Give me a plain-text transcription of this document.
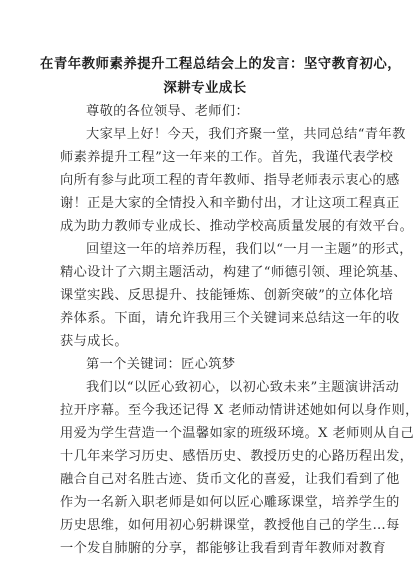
在青年教师素养提升工程总结会上的发言：坚守教育初心，
深耕专业成长
尊敬的各位领导、老师们：
大家早上好！今天，我们齐聚一堂，共同总结“青年教
师素养提升工程”这一年来的工作。首先，我谨代表学校
向所有参与此项工程的青年教师、指导老师表示衷心的感
谢！正是大家的全情投入和辛勤付出，才让这项工程真正
成为助力教师专业成长、推动学校高质量发展的有效平台。
回望这一年的培养历程，我们以“一月一主题”的形式，
精心设计了六期主题活动，构建了“师德引领、理论筑基、
课堂实践、反思提升、技能锤炼、创新突破”的立体化培
养体系。下面，请允许我用三个关键词来总结这一年的收
获与成长。
第一个关键词：匠心筑梦
我们以“以匠心致初心，以初心致未来”主题演讲活动
拉开序幕。至今我还记得 X 老师动情讲述她如何以身作则，
用爱为学生营造一个温馨如家的班级环境。X 老师则从自己
十几年来学习历史、感悟历史、教授历史的心路历程出发，
融合自己对名胜古迹、货币文化的喜爱，让我们看到了他
作为一名新入职老师是如何以匠心雕琢课堂，培养学生的
历史思维，如何用初心躬耕课堂，教授他自己的学生…每
一个发自肺腑的分享，都能够让我看到青年教师对教育
